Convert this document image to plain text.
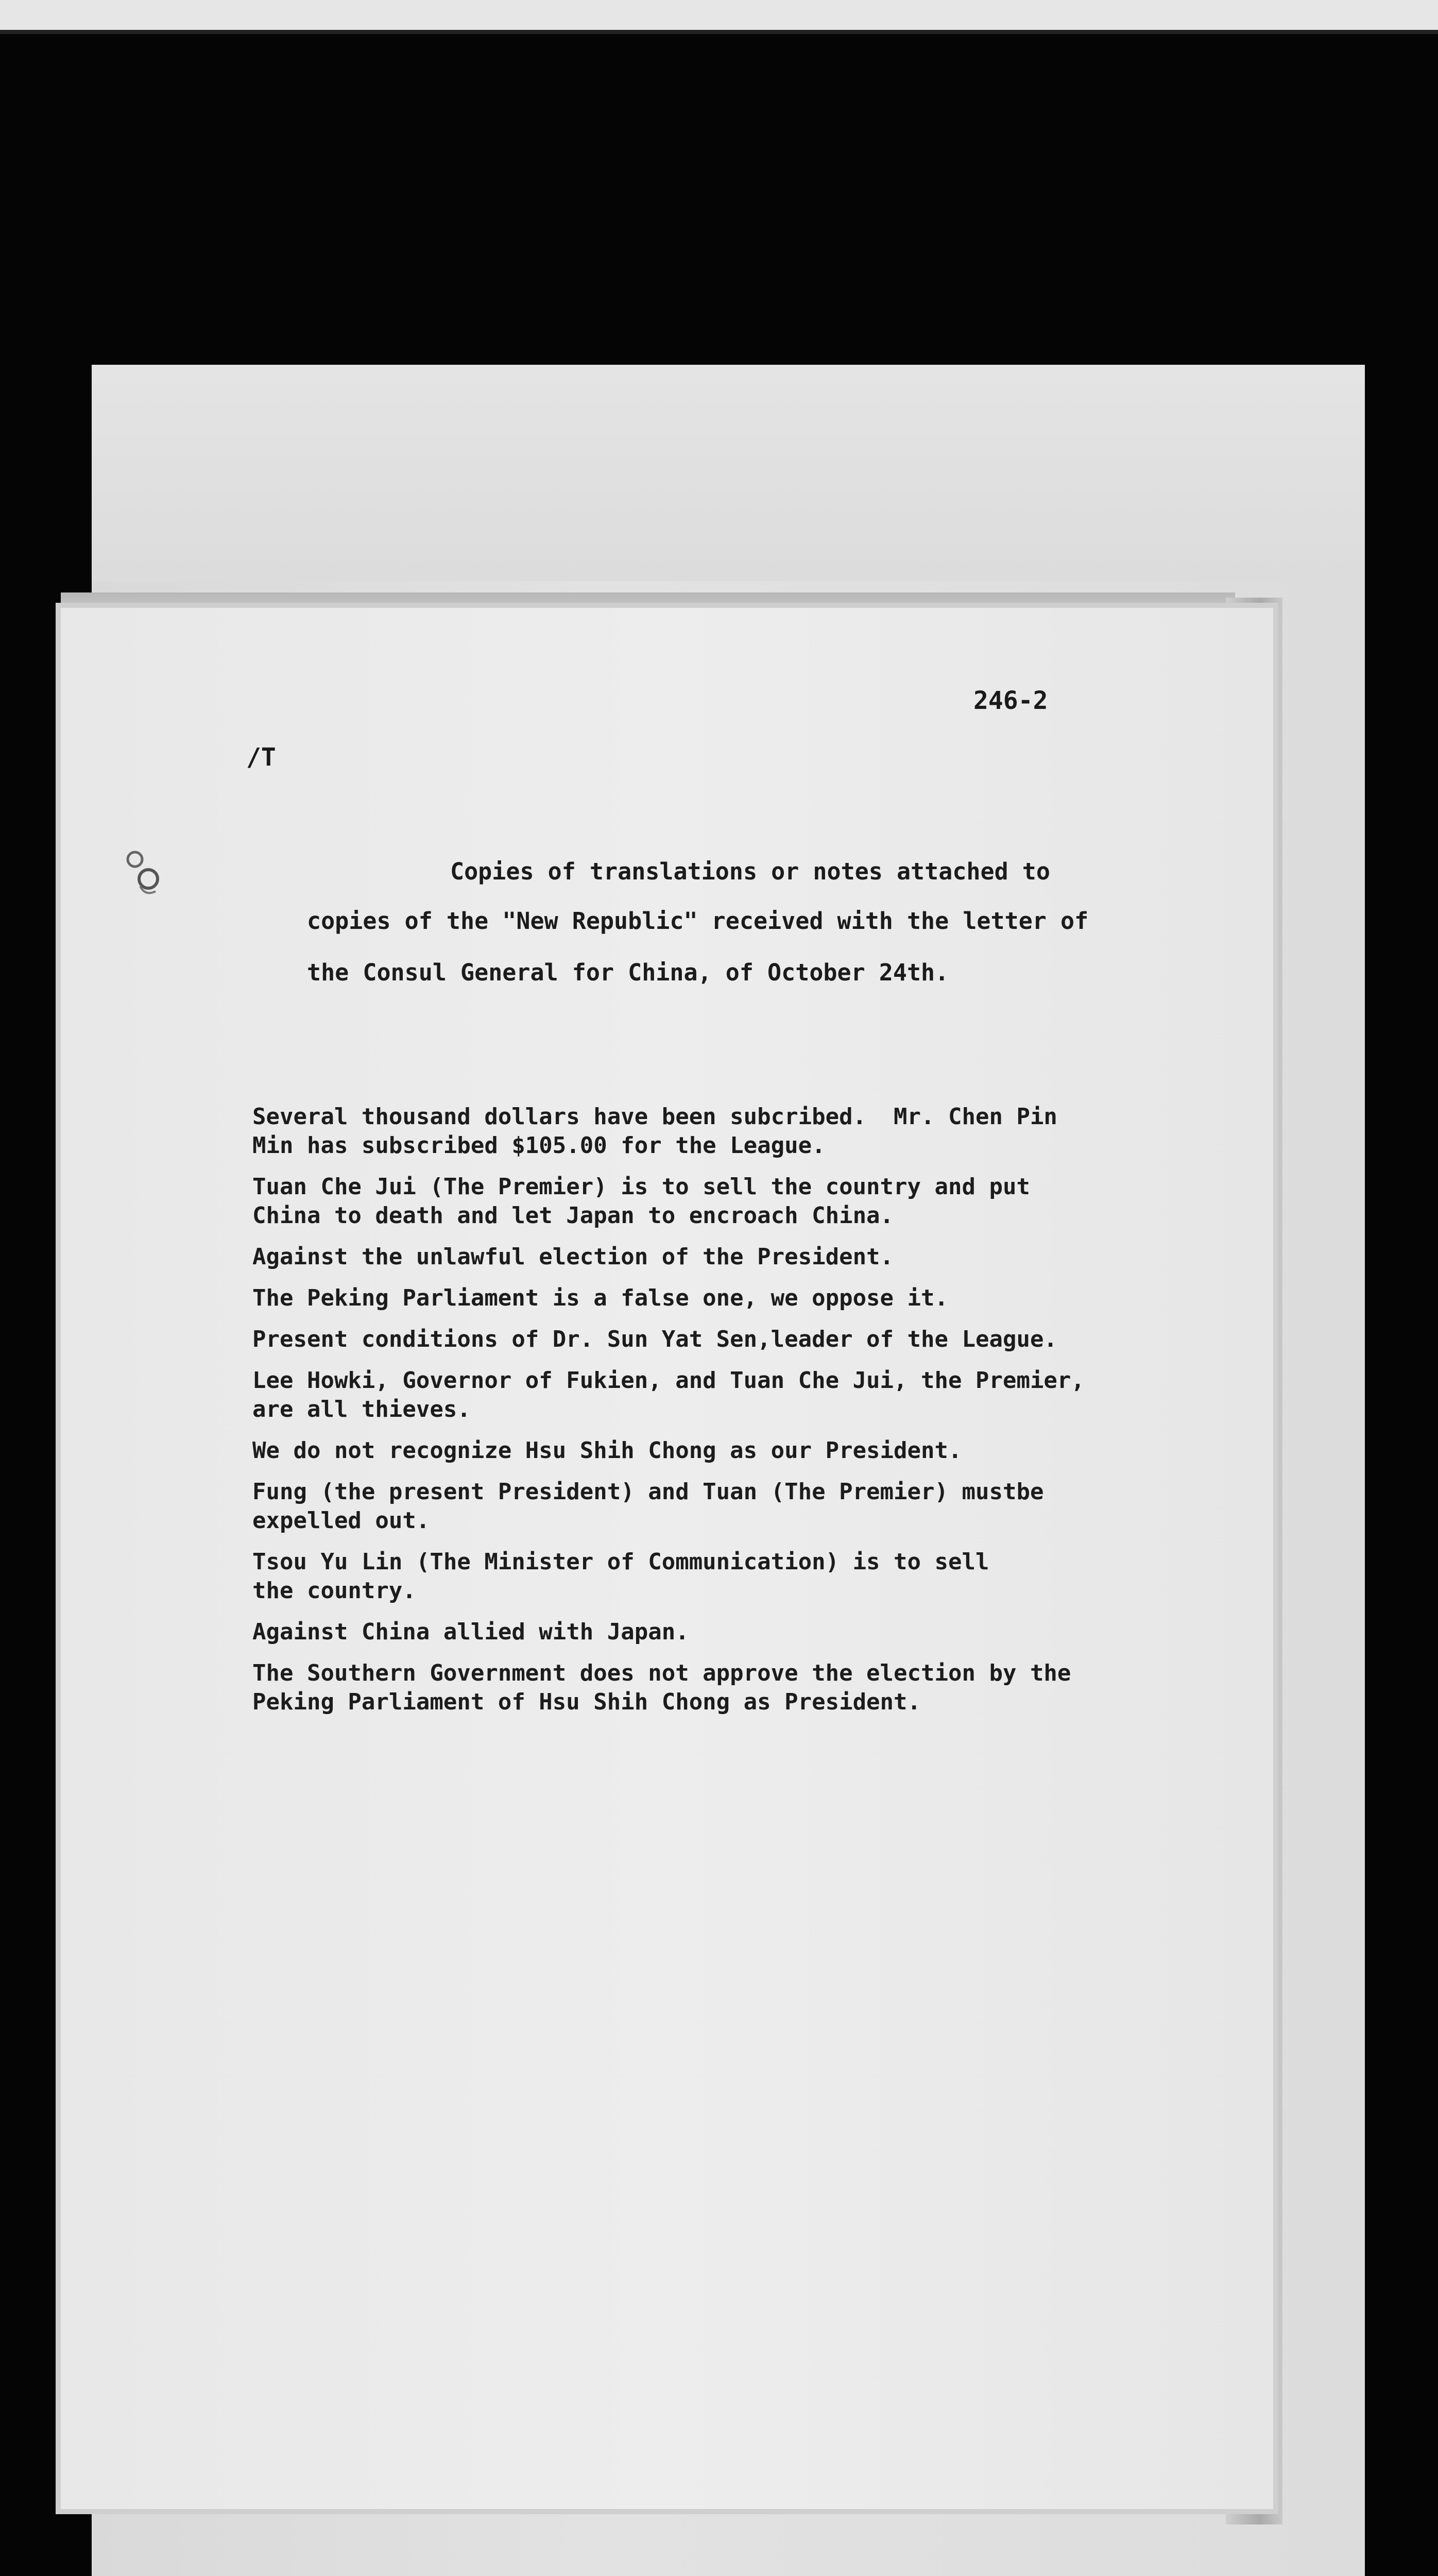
246-2
/T
Copies of translations or notes attached to
copies of the "New Republic" received with the letter of
the Consul General for China, of October 24th.

Several thousand dollars have been subcribed.  Mr. Chen Pin
Min has subscribed $105.00 for the League.

Tuan Che Jui (The Premier) is to sell the country and put
China to death and let Japan to encroach China.

Against the unlawful election of the President.

The Peking Parliament is a false one, we oppose it.

Present conditions of Dr. Sun Yat Sen,leader of the League.

Lee Howki, Governor of Fukien, and Tuan Che Jui, the Premier,
are all thieves.

We do not recognize Hsu Shih Chong as our President.

Fung (the present President) and Tuan (The Premier) mustbe
expelled out.

Tsou Yu Lin (The Minister of Communication) is to sell
the country.

Against China allied with Japan.

The Southern Government does not approve the election by the
Peking Parliament of Hsu Shih Chong as President.
